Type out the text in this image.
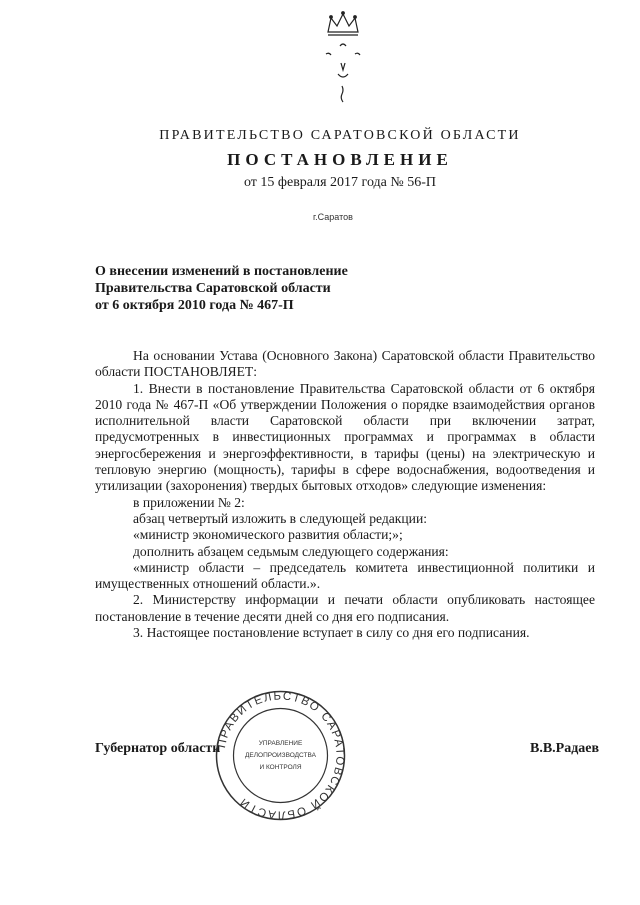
ПРАВИТЕЛЬСТВО САРАТОВСКОЙ ОБЛАСТИ
ПОСТАНОВЛЕНИЕ
от 15 февраля 2017 года № 56-П
г.Саратов
О внесении изменений в постановление
Правительства Саратовской области
от 6 октября 2010 года № 467-П

На основании Устава (Основного Закона) Саратовской области Правительство области ПОСТАНОВЛЯЕТ:

1. Внести в постановление Правительства Саратовской области от 6 октября 2010 года № 467-П «Об утверждении Положения о порядке взаимодействия органов исполнительной власти Саратовской области при включении затрат, предусмотренных в инвестиционных программах и программах в области энергосбережения и энергоэффективности, в тарифы (цены) на электрическую и тепловую энергию (мощность), тарифы в сфере водоснабжения, водоотведения и утилизации (захоронения) твердых бытовых отходов» следующие изменения:

в приложении № 2:

абзац четвертый изложить в следующей редакции:

«министр экономического развития области;»;

дополнить абзацем седьмым следующего содержания:

«министр области – председатель комитета инвестиционной политики и имущественных отношений области.».

2. Министерству информации и печати области опубликовать настоящее постановление в течение десяти дней со дня его подписания.

3. Настоящее постановление вступает в силу со дня его подписания.

Губернатор области	В.В.Радаев
ПРАВИТЕЛЬСТВО САРАТОВСКОЙ ОБЛАСТИ
УПРАВЛЕНИЕ
ДЕЛОПРОИЗВОДСТВА
И КОНТРОЛЯ
